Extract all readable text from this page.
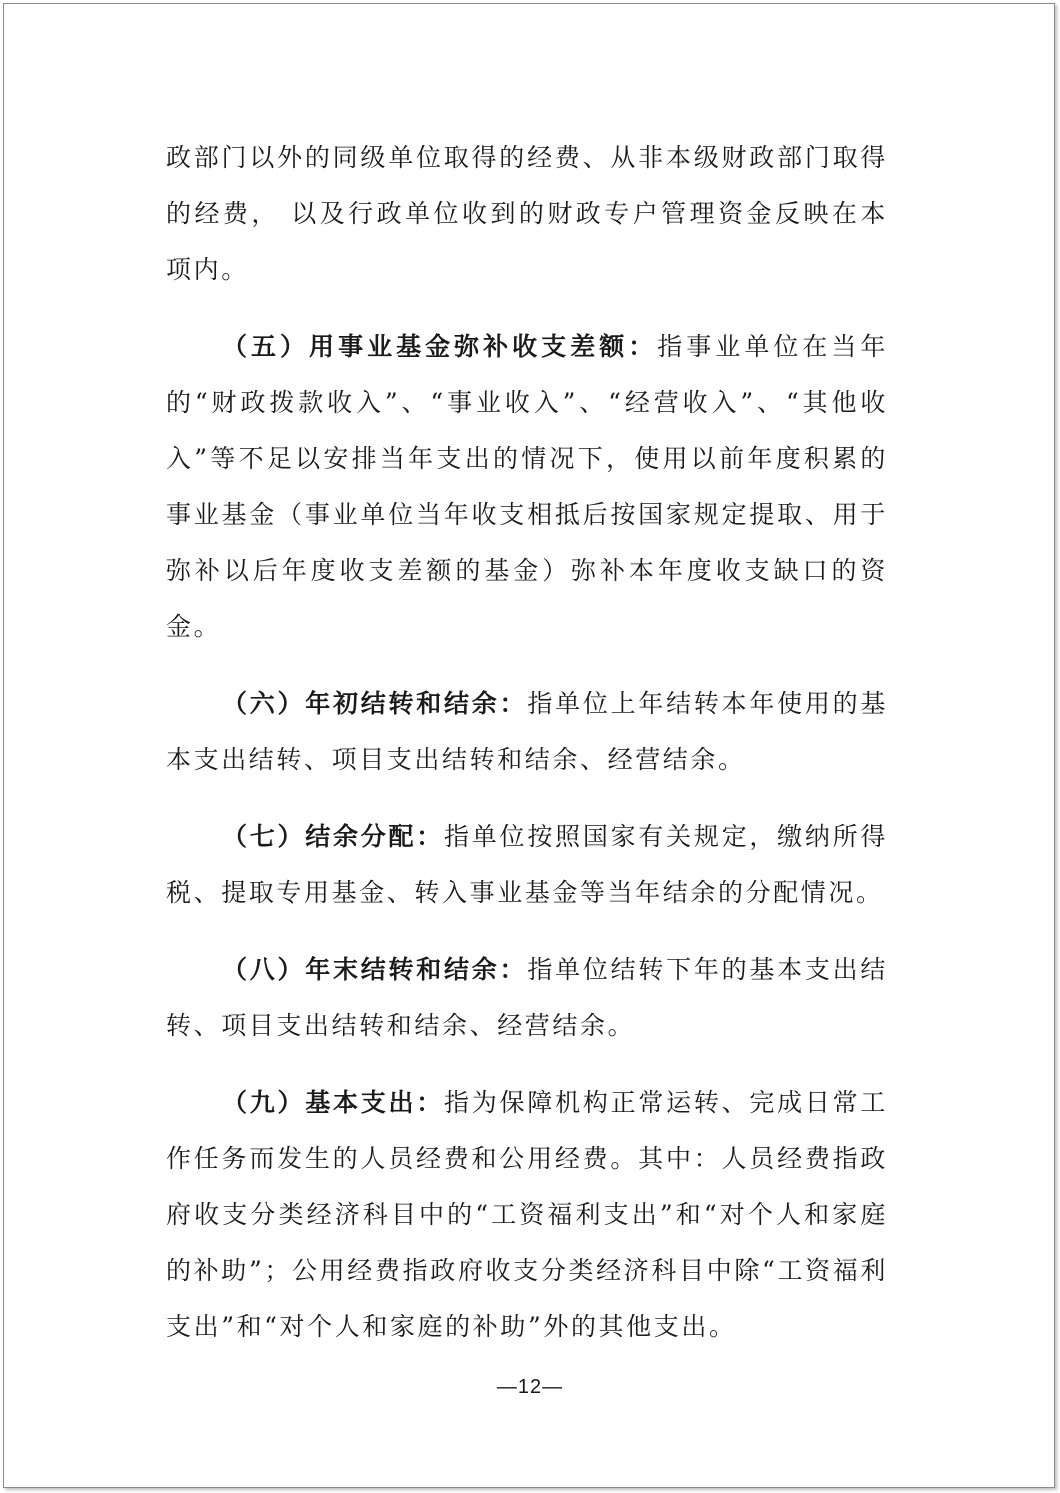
政部门以外的同级单位取得的经费、从非本级财政部门取得的经费， 以及行政单位收到的财政专户管理资金反映在本项内。

（五）用事业基金弥补收支差额：指事业单位在当年的“财政拨款收入”、“事业收入”、“经营收入”、“其他收入”等不足以安排当年支出的情况下，使用以前年度积累的事业基金（事业单位当年收支相抵后按国家规定提取、用于弥补以后年度收支差额的基金）弥补本年度收支缺口的资金。

（六）年初结转和结余：指单位上年结转本年使用的基本支出结转、项目支出结转和结余、经营结余。

（七）结余分配：指单位按照国家有关规定，缴纳所得税、提取专用基金、转入事业基金等当年结余的分配情况。

（八）年末结转和结余：指单位结转下年的基本支出结转、项目支出结转和结余、经营结余。

（九）基本支出：指为保障机构正常运转、完成日常工作任务而发生的人员经费和公用经费。其中：人员经费指政府收支分类经济科目中的“工资福利支出”和“对个人和家庭的补助”；公用经费指政府收支分类经济科目中除“工资福利支出”和“对个人和家庭的补助”外的其他支出。

—12—
